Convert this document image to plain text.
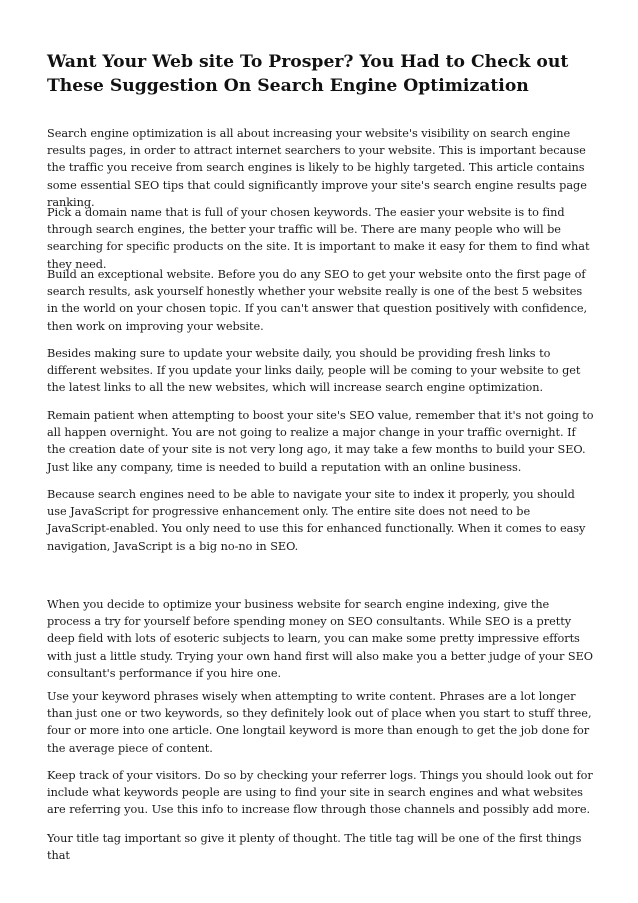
Want Your Web site To Prosper? You Had to Check out These Suggestion On Search Engine Optimization

Search engine optimization is all about increasing your website's visibility on search engine results pages, in order to attract internet searchers to your website. This is important because the traffic you receive from search engines is likely to be highly targeted. This article contains some essential SEO tips that could significantly improve your site's search engine results page ranking.

Pick a domain name that is full of your chosen keywords. The easier your website is to find through search engines, the better your traffic will be. There are many people who will be searching for specific products on the site. It is important to make it easy for them to find what they need.

Build an exceptional website. Before you do any SEO to get your website onto the first page of search results, ask yourself honestly whether your website really is one of the best 5 websites in the world on your chosen topic. If you can't answer that question positively with confidence, then work on improving your website.

Besides making sure to update your website daily, you should be providing fresh links to different websites. If you update your links daily, people will be coming to your website to get the latest links to all the new websites, which will increase search engine optimization.

Remain patient when attempting to boost your site's SEO value, remember that it's not going to all happen overnight. You are not going to realize a major change in your traffic overnight. If the creation date of your site is not very long ago, it may take a few months to build your SEO. Just like any company, time is needed to build a reputation with an online business.

Because search engines need to be able to navigate your site to index it properly, you should use JavaScript for progressive enhancement only. The entire site does not need to be JavaScript-enabled. You only need to use this for enhanced functionally. When it comes to easy navigation, JavaScript is a big no-no in SEO.

When you decide to optimize your business website for search engine indexing, give the process a try for yourself before spending money on SEO consultants. While SEO is a pretty deep field with lots of esoteric subjects to learn, you can make some pretty impressive efforts with just a little study. Trying your own hand first will also make you a better judge of your SEO consultant's performance if you hire one.

Use your keyword phrases wisely when attempting to write content. Phrases are a lot longer than just one or two keywords, so they definitely look out of place when you start to stuff three, four or more into one article. One longtail keyword is more than enough to get the job done for the average piece of content.

Keep track of your visitors. Do so by checking your referrer logs. Things you should look out for include what keywords people are using to find your site in search engines and what websites are referring you. Use this info to increase flow through those channels and possibly add more.

Your title tag important so give it plenty of thought. The title tag will be one of the first things that
